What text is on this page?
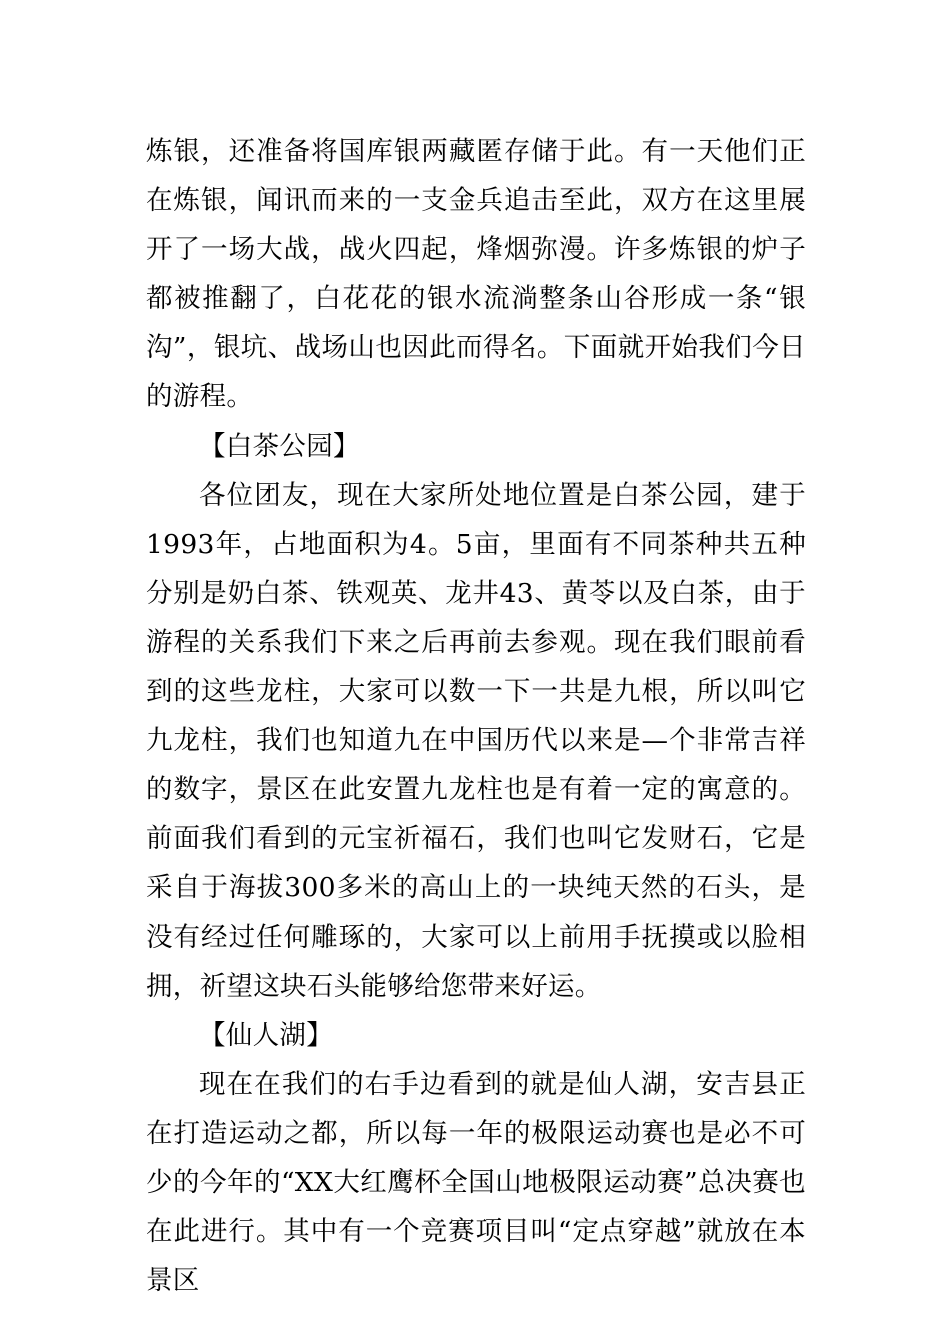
炼银，还准备将国库银两藏匿存储于此。有一天他们正在炼银，闻讯而来的一支金兵追击至此，双方在这里展开了一场大战，战火四起，烽烟弥漫。许多炼银的炉子都被推翻了，白花花的银水流淌整条山谷形成一条“银沟”，银坑、战场山也因此而得名。下面就开始我们今日的游程。

【白茶公园】

各位团友，现在大家所处地位置是白茶公园，建于1993年，占地面积为4。5亩，里面有不同茶种共五种分别是奶白茶、铁观英、龙井43、黄苓以及白茶，由于游程的关系我们下来之后再前去参观。现在我们眼前看到的这些龙柱，大家可以数一下一共是九根，所以叫它九龙柱，我们也知道九在中国历代以来是—个非常吉祥的数字，景区在此安置九龙柱也是有着一定的寓意的。前面我们看到的元宝祈福石，我们也叫它发财石，它是采自于海拔300多米的高山上的一块纯天然的石头，是没有经过任何雕琢的，大家可以上前用手抚摸或以脸相拥，祈望这块石头能够给您带来好运。

【仙人湖】

现在在我们的右手边看到的就是仙人湖，安吉县正在打造运动之都，所以每一年的极限运动赛也是必不可少的今年的“XX大红鹰杯全国山地极限运动赛”总决赛也在此进行。其中有一个竞赛项目叫“定点穿越”就放在本景区
